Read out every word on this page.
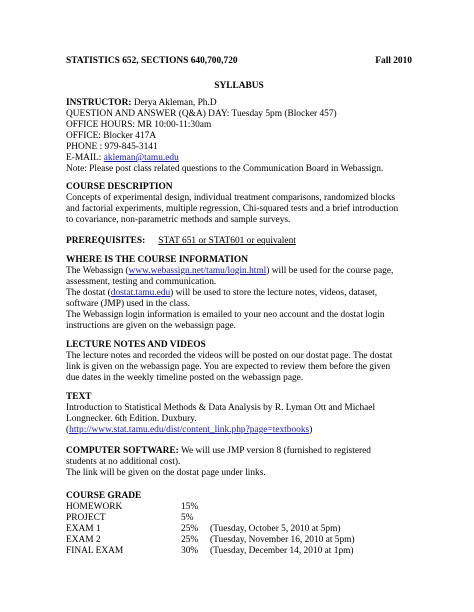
STATISTICS 652, SECTIONS 640,700,720	Fall 2010
SYLLABUS
INSTRUCTOR: Derya Akleman, Ph.D
QUESTION AND ANSWER (Q&A) DAY: Tuesday 5pm (Blocker 457)
OFFICE HOURS: MR 10:00-11:30am
OFFICE: Blocker 417A
PHONE : 979-845-3141
E-MAIL: akleman@tamu.edu
Note: Please post class related questions to the Communication Board in Webassign.
COURSE DESCRIPTION
Concepts of experimental design, individual treatment comparisons, randomized blocks
and factorial experiments, multiple regression, Chi-squared tests and a brief introduction
to covariance, non-parametric methods and sample surveys.
PREREQUISITES: STAT 651 or STAT601 or equivalent
WHERE IS THE COURSE INFORMATION
The Webassign (www.webassign.net/tamu/login.html) will be used for the course page,
assessment, testing and communication.
The dostat (dostat.tamu.edu) will be used to store the lecture notes, videos, dataset,
software (JMP) used in the class.
The Webassign login information is emailed to your neo account and the dostat login
instructions are given on the webassign page.
LECTURE NOTES AND VIDEOS
The lecture notes and recorded the videos will be posted on our dostat page. The dostat
link is given on the webassign page. You are expected to review them before the given
due dates in the weekly timeline posted on the webassign page.
TEXT
Introduction to Statistical Methods & Data Analysis by R. Lyman Ott and Michael
Longnecker. 6th Edition. Duxbury.
(http://www.stat.tamu.edu/dist/content_link.php?page=textbooks)
COMPUTER SOFTWARE: We will use JMP version 8 (furnished to registered
students at no additional cost).
The link will be given on the dostat page under links.
COURSE GRADE
HOMEWORK	15%
PROJECT	5%
EXAM 1	25%	(Tuesday, October 5, 2010 at 5pm)
EXAM 2	25%	(Tuesday, November 16, 2010 at 5pm)
FINAL EXAM	30%	(Tuesday, December 14, 2010 at 1pm)
